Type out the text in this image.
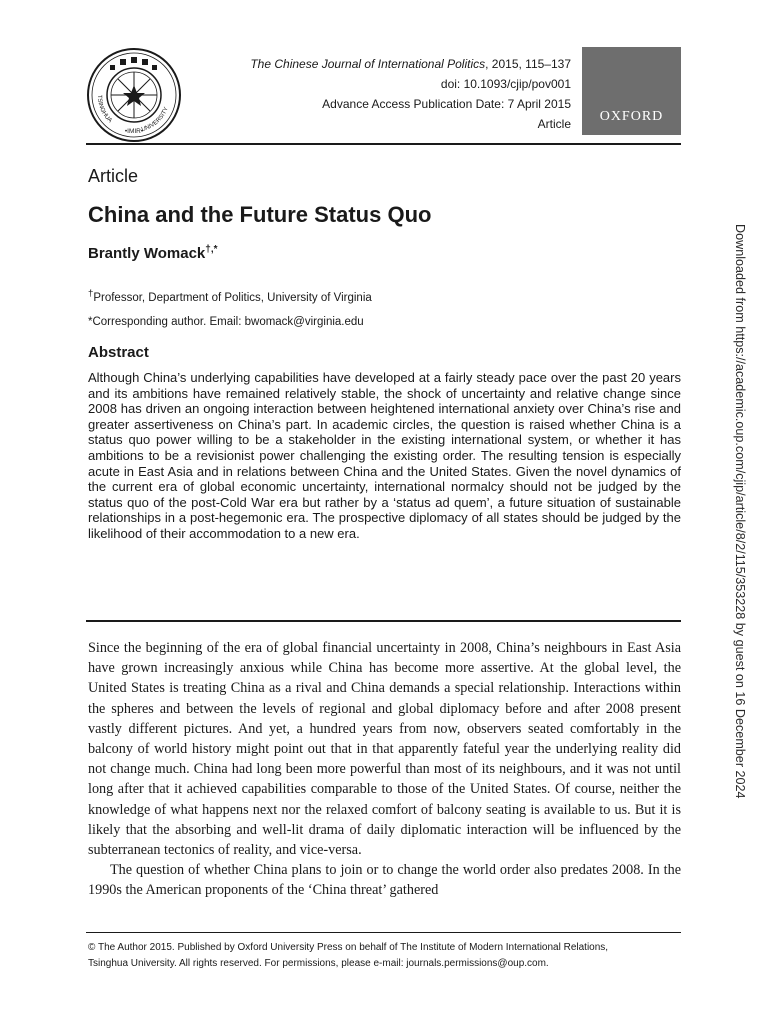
•IMIR•
TSINGHUA
UNIVERSITY
The Chinese Journal of International Politics, 2015, 115–137
doi: 10.1093/cjip/pov001
Advance Access Publication Date: 7 April 2015
Article	OXFORD
Article
China and the Future Status Quo
Brantly Womack†,*
†Professor, Department of Politics, University of Virginia
*Corresponding author. Email: bwomack@virginia.edu
Abstract
Although China’s underlying capabilities have developed at a fairly steady pace over the past 20 years and its ambitions have remained relatively stable, the shock of uncertainty and relative change since 2008 has driven an ongoing interaction between heightened international anxiety over China’s rise and greater assertiveness on China’s part. In academic circles, the question is raised whether China is a status quo power willing to be a stakeholder in the existing international system, or whether it has ambitions to be a revisionist power challenging the existing order. The resulting tension is especially acute in East Asia and in relations between China and the United States. Given the novel dynamics of the current era of global economic uncertainty, international normalcy should not be judged by the status quo of the post-Cold War era but rather by a ‘status ad quem’, a future situation of sustainable relationships in a post-hegemonic era. The prospective diplomacy of all states should be judged by the likelihood of their accommodation to a new era.

Since the beginning of the era of global financial uncertainty in 2008, China’s neighbours in East Asia have grown increasingly anxious while China has become more assertive. At the global level, the United States is treating China as a rival and China demands a special relationship. Interactions within the spheres and between the levels of regional and global diplomacy before and after 2008 present vastly different pictures. And yet, a hundred years from now, observers seated comfortably in the balcony of world history might point out that in that apparently fateful year the underlying reality did not change much. China had long been more powerful than most of its neighbours, and it was not until long after that it achieved capabilities comparable to those of the United States. Of course, neither the knowledge of what happens next nor the relaxed comfort of balcony seating is available to us. But it is likely that the absorbing and well-lit drama of daily diplomatic interaction will be influenced by the subterranean tectonics of reality, and vice-versa.

The question of whether China plans to join or to change the world order also predates 2008. In the 1990s the American proponents of the ‘China threat’ gathered

© The Author 2015. Published by Oxford University Press on behalf of The Institute of Modern International Relations,
Tsinghua University. All rights reserved. For permissions, please e-mail: journals.permissions@oup.com.
Downloaded from https://academic.oup.com/cjip/article/8/2/115/353228 by guest on 16 December 2024
